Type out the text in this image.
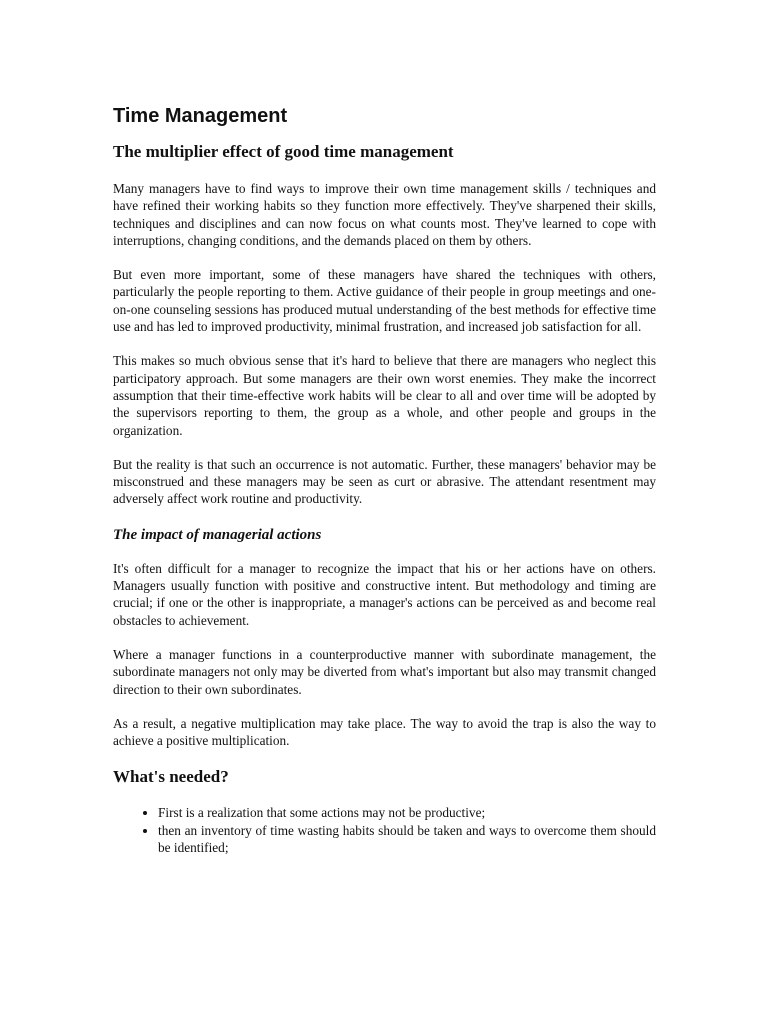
Time Management
The multiplier effect of good time management

Many managers have to find ways to improve their own time management skills / techniques and have refined their working habits so they function more effectively. They've sharpened their skills, techniques and disciplines and can now focus on what counts most. They've learned to cope with interruptions, changing conditions, and the demands placed on them by others.

But even more important, some of these managers have shared the techniques with others, particularly the people reporting to them. Active guidance of their people in group meetings and one-on-one counseling sessions has produced mutual understanding of the best methods for effective time use and has led to improved productivity, minimal frustration, and increased job satisfaction for all.

This makes so much obvious sense that it's hard to believe that there are managers who neglect this participatory approach. But some managers are their own worst enemies. They make the incorrect assumption that their time-effective work habits will be clear to all and over time will be adopted by the supervisors reporting to them, the group as a whole, and other people and groups in the organization.

But the reality is that such an occurrence is not automatic. Further, these managers' behavior may be misconstrued and these managers may be seen as curt or abrasive. The attendant resentment may adversely affect work routine and productivity.

The impact of managerial actions

It's often difficult for a manager to recognize the impact that his or her actions have on others. Managers usually function with positive and constructive intent. But methodology and timing are crucial; if one or the other is inappropriate, a manager's actions can be perceived as and become real obstacles to achievement.

Where a manager functions in a counterproductive manner with subordinate management, the subordinate managers not only may be diverted from what's important but also may transmit changed direction to their own subordinates.

As a result, a negative multiplication may take place. The way to avoid the trap is also the way to achieve a positive multiplication.

What's needed?
• First is a realization that some actions may not be productive;
• then an inventory of time wasting habits should be taken and ways to overcome them should be identified;
